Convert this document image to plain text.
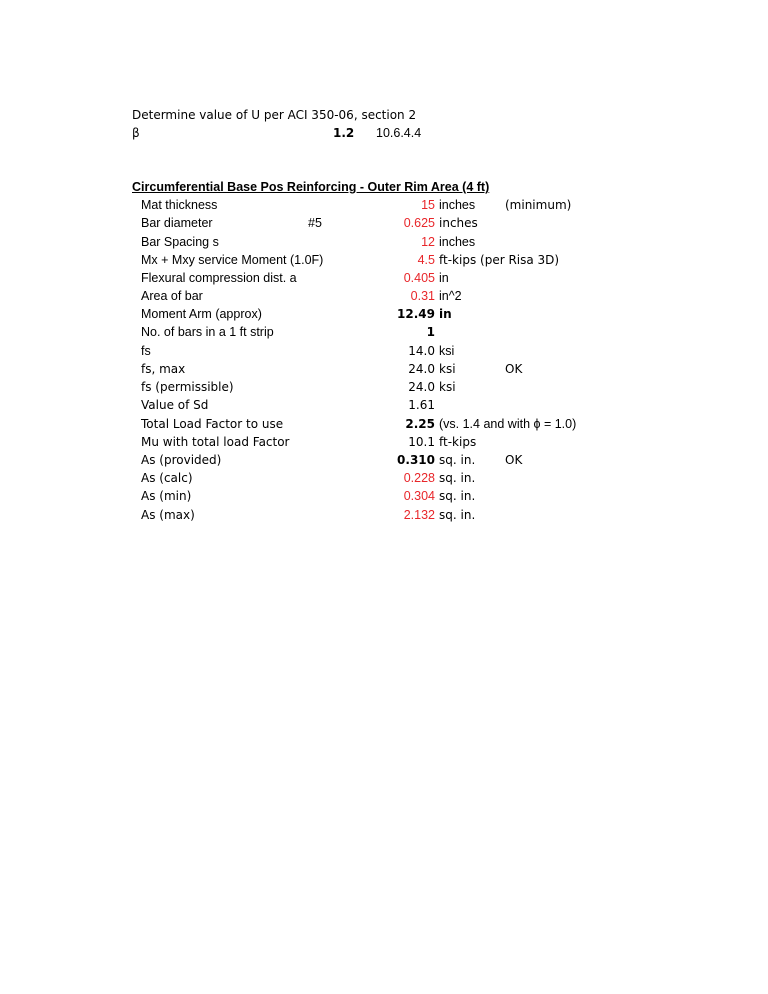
Determine value of U per ACI 350-06, section 2
β	1.2 10.6.4.4
Circumferential Base Pos Reinforcing - Outer Rim Area (4 ft)
Mat thickness	15 inches (minimum)
Bar diameter	#5	0.625 inches
Bar Spacing s	12 inches
Mx + Mxy service Moment (1.0F)	4.5 ft-kips (per Risa 3D)
Flexural compression dist. a	0.405 in
Area of bar	0.31 in^2
Moment Arm (approx)	12.49 in
No. of bars in a 1 ft strip	1
fs	14.0 ksi
fs, max	24.0 ksi	OK
fs (permissible)	24.0 ksi
Value of Sd	1.61
Total Load Factor to use	2.25 (vs. 1.4 and with ϕ = 1.0)
Mu with total load Factor	10.1 ft-kips
As (provided)	0.310 sq. in. OK
As (calc)	0.228 sq. in.
As (min)	0.304 sq. in.
As (max)	2.132 sq. in.
